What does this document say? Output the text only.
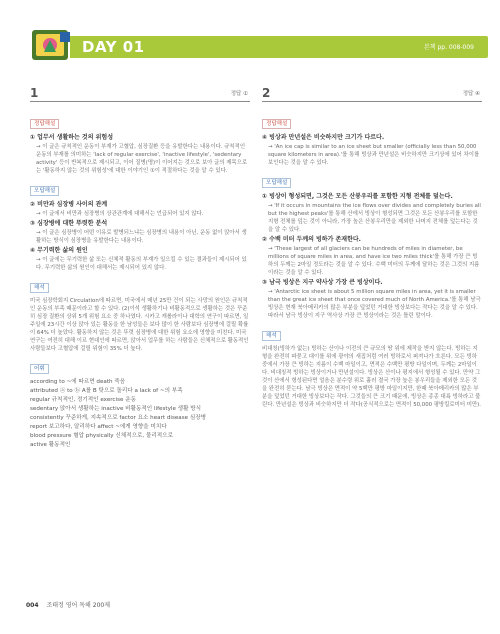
DAY 01	본책 pp. 008-009
1	정답 ①
정답해설
① 업무서 생활하는 것의 위험성
→ 이 글은 규칙적인 운동이 부재가 고혈압, 심장질환 등을 유발한다는 내용이다. 규칙적인 운동의 부재를 의미하는 'lack of regular exercise', 'inactive lifestyle', 'sedentary activity' 등이 반복적으로 제시되고, 이어 질병(명)이 이어지는 것으로 보아 글의 제목으로는 '활동하지 않는 것의 위험성'에 대한 이야기인 ①이 적절하다는 것을 알 수 있다.
오답해설
② 비만과 심장병 사이의 관계
→ 이 글에서 비만과 심장병의 상관관계에 대해서는 언급되어 있지 않다.
③ 심장병에 대한 뚜렷한 분석
→ 이 글은 심장병이 어떤 이유로 발병되느냐는 심장병의 내용이 아닌, 운동 없이 앉아서 생활하는 방식이 심장병을 유발한다는 내용이다.
④ 무기력한 삶의 원인
→ 이 글에는 무기력한 삶 또는 신체적 활동의 부재가 일으킬 수 있는 결과들이 제시되어 있다. 무기력한 삶의 원인이 대해서는 제시되어 있지 않다.
해석
미국 심장학회지 Circulation에 따르면, 미국에서 매년 25만 건이 되는 사망의 원인은 규칙적인 운동의 부족 때문이라고 할 수 있다. (2)이석 생활하기나 비활동적으로 생활하는 것은 꾸준히 심장 질환의 상위 5개 위험 요소 중 하나였다. 시카고 캐롤라이나 대학의 연구이 따르면, 일주일에 23시간 이상 앉아 있는 활동을 한 남성들은 보다 많이 한 사람보다 심장병에 걸릴 확률이 64% 더 높았다. 활동하지 않는 것은 뚜렷 심장병에 대한 위험 요소에 영향을 미친다. 미국 연구는 여전히 대해 이르 현대인에 따르면, 앉아서 업무를 하는 사람들은 신체적으로 활동적인 사람들보다 고혈압에 걸릴 위험이 35% 더 높다.
어휘
according to ~에 따르면 death 죽음
attributed ⓐ to ⓑ A를 B 탓으로 돌리다 a lack of ~의 부족
regular 규칙적인, 정기적인 exercise 운동
sedentary 앉아서 생활하는 inactive 비활동적인 lifestyle 생활 방식
consistently 꾸준하게, 지속적으로 factor 요소 heart disease 심장병
report 보고하다, 알리하다 affect ~에게 영향을 미치다
blood pressure 혈압 physically 신체적으로, 물리적으로
active 활동적인
2	정답 ④
정답해설
④ 빙상과 만년설은 비슷하지만 크기가 다르다.
→ 'An ice cap is similar to an ice sheet but smaller (officially less than 50,000 square kilometers in area).'를 통해 빙상과 만년설은 비슷하지만 크기상에 있어 차이를 보인다는 것을 알 수 있다.
오답해설
① 빙상이 형성되면, 그것은 모든 산봉우리를 포함한 지형 전체를 덮는다.
→ 'If it occurs in mountains the ice flows over divides and completely buries all but the highest peaks'를 통해 산에서 빙상이 형성되면 그것은 모든 산봉우리를 포함한 지형 전체를 덮는 것이 아니라, 가장 높은 산봉우리만을 제외한 나머지 전체를 덮는다는 것을 알 수 있다.
② 수백 미터 두께의 빙하가 존재한다.
→ 'These largest of all glaciers can be hundreds of miles in diameter, be millions of square miles in area, and have ice two miles thick'를 통해 가장 큰 빙하의 두께는 2마일 정도라는 것을 알 수 있다. 수백 미터의 두께에 달하는 것은 그것의 지름이라는 것을 알 수 있다.
③ 남극 빙상은 지구 약사상 가장 큰 빙상이다.
→ 'Antarctic ice sheet is about 5 million square miles in area, yet it is smaller than the great ice sheet that once covered much of North America.'를 통해 남극 빙상은 현재 북아메리카의 많은 부분을 덮었던 거대한 빙상보다는 작다는 것을 알 수 있다. 따라서 남극 빙상이 지구 역사상 가장 큰 빙상이라는 것은 틀린 말이다.
해석
비대칭(빙하가 없는) 빙하는 산이나 이전의 큰 규모의 땅 위에 제작을 받지 않는다. 빙하는 지형을 완전히 파묻고 대이를 위에 광야의 새집처럼 여러 빙하로서 퍼져나가 흐른다. 모든 빙하 중에서 가장 큰 빙하는 지름이 수백 마일이고, 면적은 수백만 평방 다일이며, 두께는 2마일이다. 비대칭적 빙하는 빙상이거나 만년설이다. 빙상은 산이나 평지에서 형성될 수 있다. 만약 그것이 산에서 형성된다면 얼음은 분수령 위로 흘러 결국 가장 높은 봉우리들을 제외한 모든 것을 완전히 묻는다. 남극 빙상은 면적이 약 5백만 평방 마일이지만, 한때 북아메리카의 많은 부분을 덮었던 거대한 빙상보다는 작다. 그것들의 큰 크기 때문에, 빙상은 종종 대륙 빙하라고 불린다. 만년설은 빙상과 비슷하지만 더 작다(공식적으로는 면적이 50,000 평방킬로미터 미만).
004 조태정 영어 독해 200제
